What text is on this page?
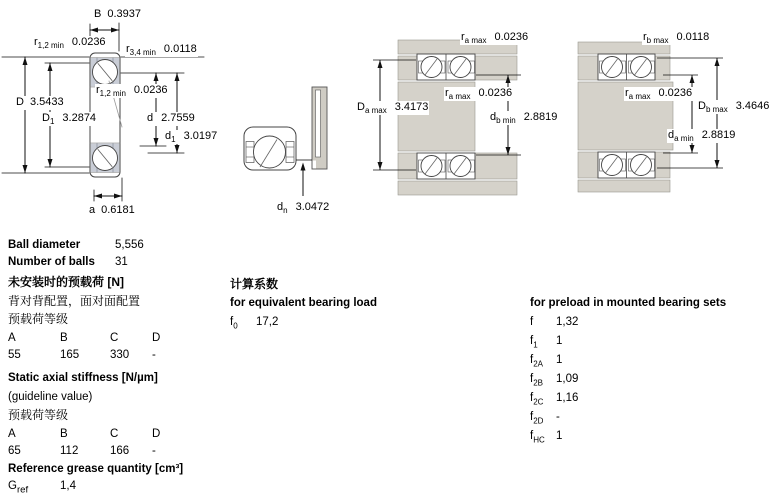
B 0.3937
$r_{1,2 min}$ 0.0236
$r_{3,4 min}$ 0.0118
D 3.5433
$D_1$ 3.2874
$r_{1,2 min}$ 0.0236
d 2.7559
$d_1$ 3.0197
a 0.6181	$d_n$ 3.0472
$r_{a max}$ 0.0236
$D_{a max}$ 3.4173
$r_{a max}$ 0.0236
$d_{b min}$ 2.8819
$r_{b max}$ 0.0118
$r_{a max}$ 0.0236
$D_{b max}$ 3.4646
$d_{a min}$ 2.8819
Ball diameter	5,556
Number of balls 31
未安装时的预载荷 [N]
背对背配置，面对面配置
预载荷等级
A	B	C	D
55	165	330 -
Static axial stiffness [N/µm]
(guideline value)
预载荷等级
A	B	C	D
65	112	166 -
Reference grease quantity [cm³]
$G_{ref}$	1,4
计算系数
for equivalent bearing load
$f_0$ 17,2
for preload in mounted bearing sets
f 1,32
$f_1$ 1
$f_{2A}$ 1
$f_{2B}$ 1,09
$f_{2C}$ 1,16
$f_{2D}$ -
$f_{HC}$ 1
